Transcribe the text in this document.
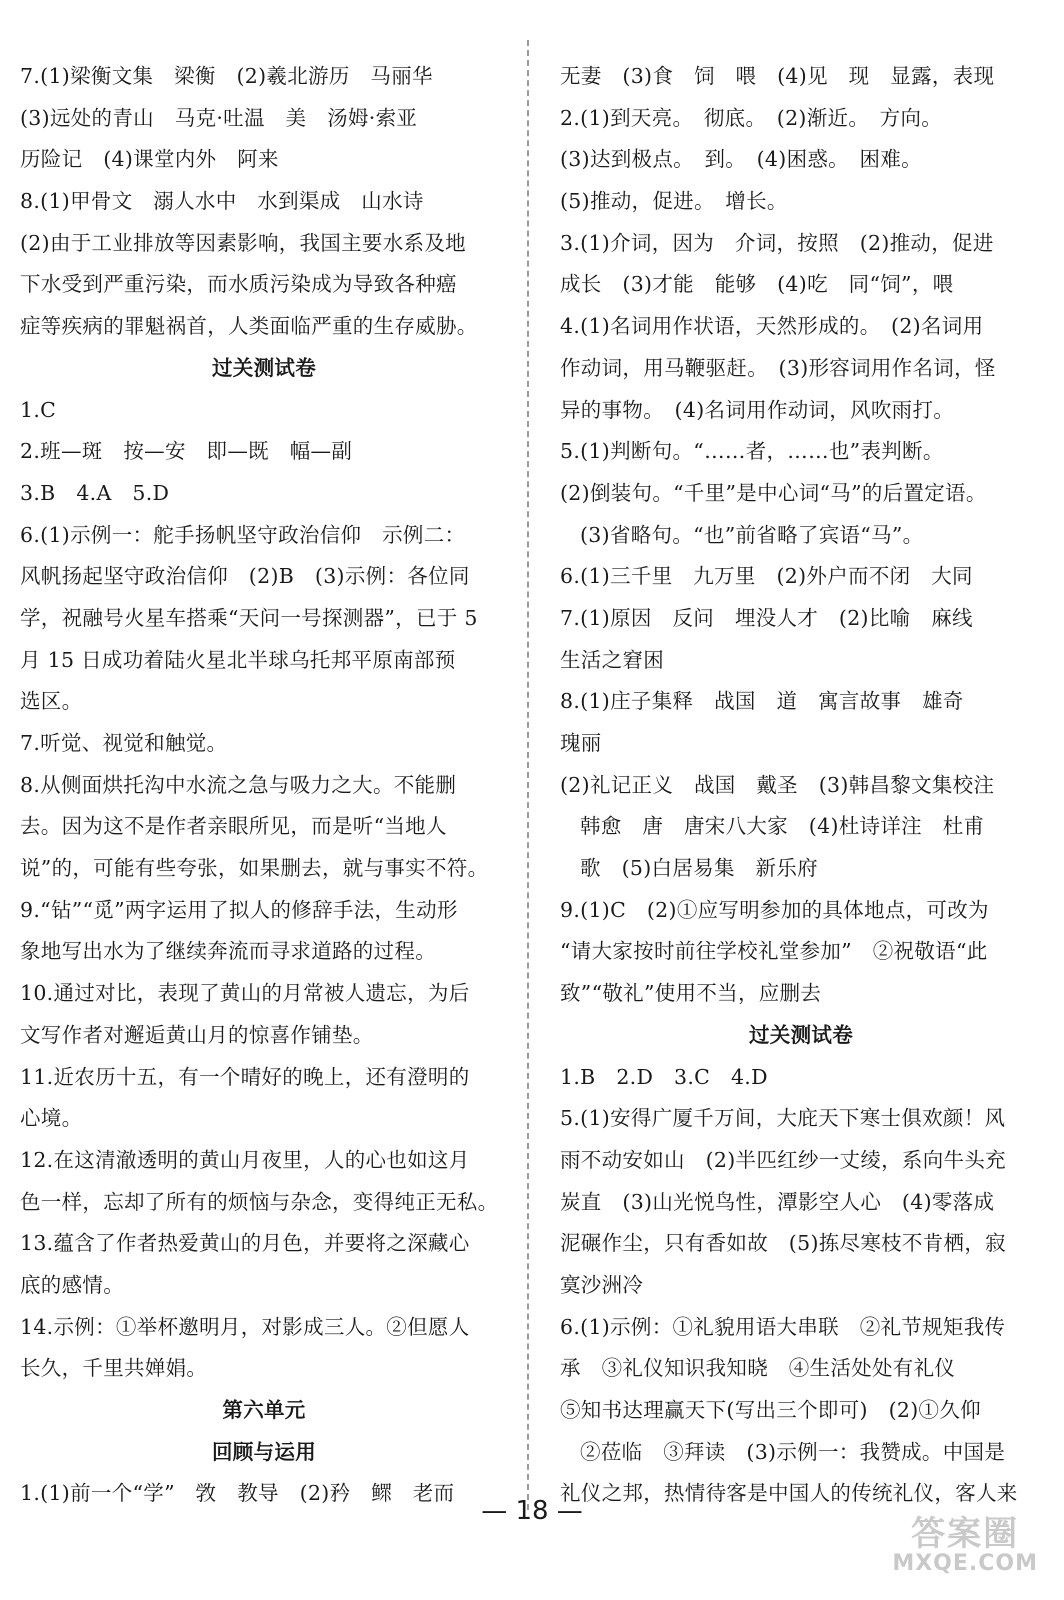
7.(1)梁衡文集　梁衡　(2)羲北游历　马丽华
(3)远处的青山　马克·吐温　美　汤姆·索亚
历险记　(4)课堂内外　阿来
8.(1)甲骨文　溺人水中　水到渠成　山水诗
(2)由于工业排放等因素影响，我国主要水系及地
下水受到严重污染，而水质污染成为导致各种癌
症等疾病的罪魁祸首，人类面临严重的生存威胁。
过关测试卷
1.C
2.班—斑　按—安　即—既　幅—副
3.B　4.A　5.D
6.(1)示例一：舵手扬帆坚守政治信仰　示例二：
风帆扬起坚守政治信仰　(2)B　(3)示例：各位同
学，祝融号火星车搭乘“天问一号探测器”，已于 5
月 15 日成功着陆火星北半球乌托邦平原南部预
选区。
7.听觉、视觉和触觉。
8.从侧面烘托沟中水流之急与吸力之大。不能删
去。因为这不是作者亲眼所见，而是听“当地人
说”的，可能有些夸张，如果删去，就与事实不符。
9.“钻”“觅”两字运用了拟人的修辞手法，生动形
象地写出水为了继续奔流而寻求道路的过程。
10.通过对比，表现了黄山的月常被人遗忘，为后
文写作者对邂逅黄山月的惊喜作铺垫。
11.近农历十五，有一个晴好的晚上，还有澄明的
心境。
12.在这清澈透明的黄山月夜里，人的心也如这月
色一样，忘却了所有的烦恼与杂念，变得纯正无私。
13.蕴含了作者热爱黄山的月色，并要将之深藏心
底的感情。
14.示例：①举杯邀明月，对影成三人。②但愿人
长久，千里共婵娟。
第六单元
回顾与运用
1.(1)前一个“学”　敩　教导　(2)矜　鳏　老而
无妻　(3)食　饲　喂　(4)见　现　显露，表现
2.(1)到天亮。　彻底。　(2)渐近。　方向。
(3)达到极点。　到。　(4)困惑。　困难。
(5)推动，促进。　增长。
3.(1)介词，因为　介词，按照　(2)推动，促进
成长　(3)才能　能够　(4)吃　同“饲”，喂
4.(1)名词用作状语，天然形成的。　(2)名词用
作动词，用马鞭驱赶。　(3)形容词用作名词，怪
异的事物。　(4)名词用作动词，风吹雨打。
5.(1)判断句。“……者，……也”表判断。
(2)倒装句。“千里”是中心词“马”的后置定语。
(3)省略句。“也”前省略了宾语“马”。
6.(1)三千里　九万里　(2)外户而不闭　大同
7.(1)原因　反问　埋没人才　(2)比喻　麻线
生活之窘困
8.(1)庄子集释　战国　道　寓言故事　雄奇
瑰丽
(2)礼记正义　战国　戴圣　(3)韩昌黎文集校注
韩愈　唐　唐宋八大家　(4)杜诗详注　杜甫
歌　(5)白居易集　新乐府
9.(1)C　(2)①应写明参加的具体地点，可改为
“请大家按时前往学校礼堂参加”　②祝敬语“此
致”“敬礼”使用不当，应删去
过关测试卷
1.B　2.D　3.C　4.D
5.(1)安得广厦千万间，大庇天下寒士俱欢颜！风
雨不动安如山　(2)半匹红纱一丈绫，系向牛头充
炭直　(3)山光悦鸟性，潭影空人心　(4)零落成
泥碾作尘，只有香如故　(5)拣尽寒枝不肯栖，寂
寞沙洲冷
6.(1)示例：①礼貌用语大串联　②礼节规矩我传
承　③礼仪知识我知晓　④生活处处有礼仪
⑤知书达理赢天下(写出三个即可)　(2)①久仰
②莅临　③拜读　(3)示例一：我赞成。中国是
礼仪之邦，热情待客是中国人的传统礼仪，客人来
— 18 —
答案圈
MXQE.COM
